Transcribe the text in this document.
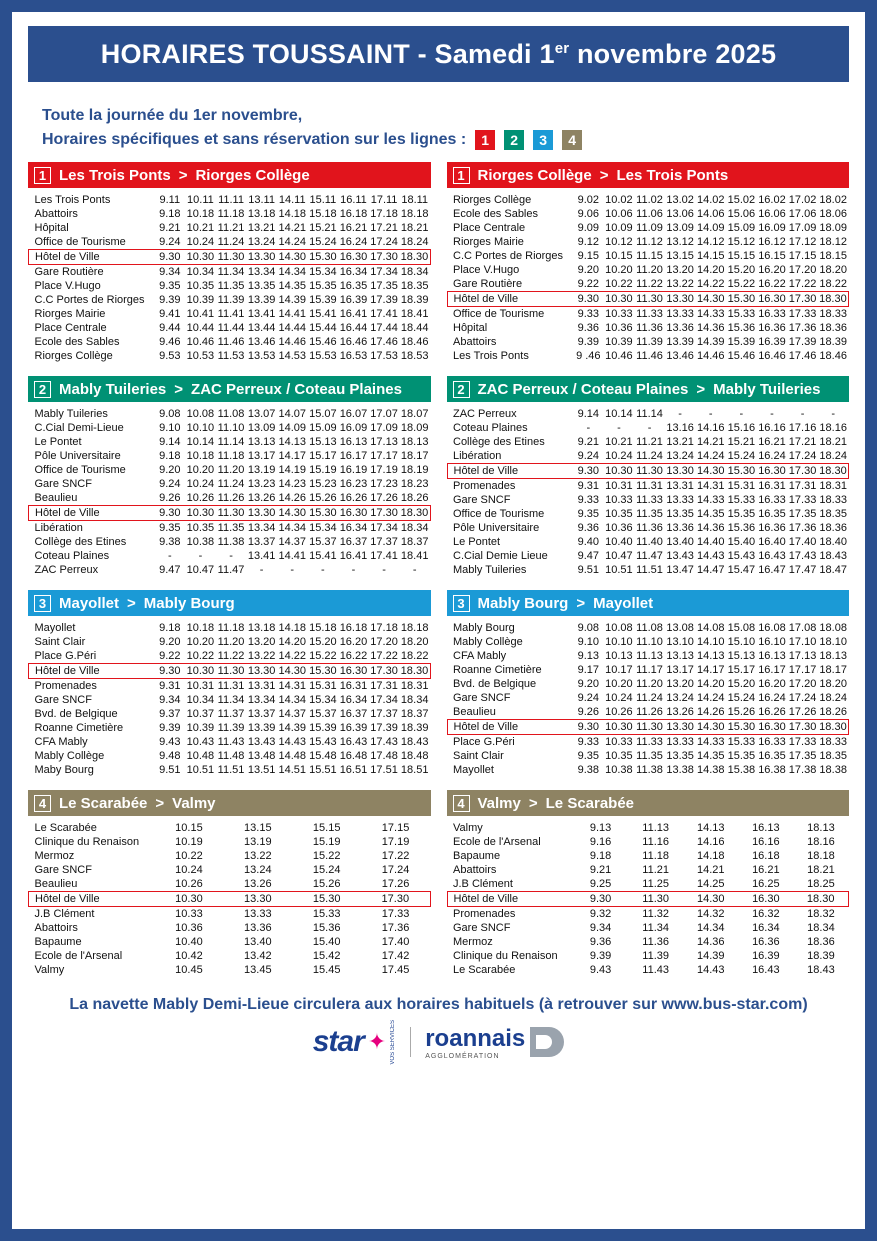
HORAIRES TOUSSAINT - Samedi 1er novembre 2025
Toute la journée du 1er novembre,
Horaires spécifiques et sans réservation sur les lignes :	1	2	3	4
1 Les Trois Ponts > Riorges Collège
Les Trois Ponts	9.11	10.11	11.11	13.11	14.11	15.11	16.11	17.11	18.11
Abattoirs	9.18	10.18	11.18	13.18	14.18	15.18	16.18	17.18	18.18
Hôpital	9.21	10.21	11.21	13.21	14.21	15.21	16.21	17.21	18.21
Office de Tourisme	9.24	10.24	11.24	13.24	14.24	15.24	16.24	17.24	18.24
Hôtel de Ville	9.30	10.30	11.30	13.30	14.30	15.30	16.30	17.30	18.30
Gare Routière	9.34	10.34	11.34	13.34	14.34	15.34	16.34	17.34	18.34
Place V.Hugo	9.35	10.35	11.35	13.35	14.35	15.35	16.35	17.35	18.35
C.C Portes de Riorges	9.39	10.39	11.39	13.39	14.39	15.39	16.39	17.39	18.39
Riorges Mairie	9.41	10.41	11.41	13.41	14.41	15.41	16.41	17.41	18.41
Place Centrale	9.44	10.44	11.44	13.44	14.44	15.44	16.44	17.44	18.44
Ecole des Sables	9.46	10.46	11.46	13.46	14.46	15.46	16.46	17.46	18.46
Riorges Collège	9.53	10.53	11.53	13.53	14.53	15.53	16.53	17.53	18.53
1 Riorges Collège > Les Trois Ponts
Riorges Collège	9.02	10.02	11.02	13.02	14.02	15.02	16.02	17.02	18.02
Ecole des Sables	9.06	10.06	11.06	13.06	14.06	15.06	16.06	17.06	18.06
Place Centrale	9.09	10.09	11.09	13.09	14.09	15.09	16.09	17.09	18.09
Riorges Mairie	9.12	10.12	11.12	13.12	14.12	15.12	16.12	17.12	18.12
C.C Portes de Riorges	9.15	10.15	11.15	13.15	14.15	15.15	16.15	17.15	18.15
Place V.Hugo	9.20	10.20	11.20	13.20	14.20	15.20	16.20	17.20	18.20
Gare Routière	9.22	10.22	11.22	13.22	14.22	15.22	16.22	17.22	18.22
Hôtel de Ville	9.30	10.30	11.30	13.30	14.30	15.30	16.30	17.30	18.30
Office de Tourisme	9.33	10.33	11.33	13.33	14.33	15.33	16.33	17.33	18.33
Hôpital	9.36	10.36	11.36	13.36	14.36	15.36	16.36	17.36	18.36
Abattoirs	9.39	10.39	11.39	13.39	14.39	15.39	16.39	17.39	18.39
Les Trois Ponts	9 .46	10.46	11.46	13.46	14.46	15.46	16.46	17.46	18.46
2 Mably Tuileries > ZAC Perreux / Coteau Plaines
Mably Tuileries	9.08	10.08	11.08	13.07	14.07	15.07	16.07	17.07	18.07
C.Cial Demi-Lieue	9.10	10.10	11.10	13.09	14.09	15.09	16.09	17.09	18.09
Le Pontet	9.14	10.14	11.14	13.13	14.13	15.13	16.13	17.13	18.13
Pôle Universitaire	9.18	10.18	11.18	13.17	14.17	15.17	16.17	17.17	18.17
Office de Tourisme	9.20	10.20	11.20	13.19	14.19	15.19	16.19	17.19	18.19
Gare SNCF	9.24	10.24	11.24	13.23	14.23	15.23	16.23	17.23	18.23
Beaulieu	9.26	10.26	11.26	13.26	14.26	15.26	16.26	17.26	18.26
Hôtel de Ville	9.30	10.30	11.30	13.30	14.30	15.30	16.30	17.30	18.30
Libération	9.35	10.35	11.35	13.34	14.34	15.34	16.34	17.34	18.34
Collège des Etines	9.38	10.38	11.38	13.37	14.37	15.37	16.37	17.37	18.37
Coteau Plaines	-	-	-	13.41	14.41	15.41	16.41	17.41	18.41
ZAC Perreux	9.47	10.47	11.47	-	-	-	-	-	-
2 ZAC Perreux / Coteau Plaines > Mably Tuileries
ZAC Perreux	9.14	10.14	11.14	-	-	-	-	-	-
Coteau Plaines	-	-	-	13.16	14.16	15.16	16.16	17.16	18.16
Collège des Etines	9.21	10.21	11.21	13.21	14.21	15.21	16.21	17.21	18.21
Libération	9.24	10.24	11.24	13.24	14.24	15.24	16.24	17.24	18.24
Hôtel de Ville	9.30	10.30	11.30	13.30	14.30	15.30	16.30	17.30	18.30
Promenades	9.31	10.31	11.31	13.31	14.31	15.31	16.31	17.31	18.31
Gare SNCF	9.33	10.33	11.33	13.33	14.33	15.33	16.33	17.33	18.33
Office de Tourisme	9.35	10.35	11.35	13.35	14.35	15.35	16.35	17.35	18.35
Pôle Universitaire	9.36	10.36	11.36	13.36	14.36	15.36	16.36	17.36	18.36
Le Pontet	9.40	10.40	11.40	13.40	14.40	15.40	16.40	17.40	18.40
C.Cial Demie Lieue	9.47	10.47	11.47	13.43	14.43	15.43	16.43	17.43	18.43
Mably Tuileries	9.51	10.51	11.51	13.47	14.47	15.47	16.47	17.47	18.47
3 Mayollet > Mably Bourg
Mayollet	9.18	10.18	11.18	13.18	14.18	15.18	16.18	17.18	18.18
Saint Clair	9.20	10.20	11.20	13.20	14.20	15.20	16.20	17.20	18.20
Place G.Péri	9.22	10.22	11.22	13.22	14.22	15.22	16.22	17.22	18.22
Hôtel de Ville	9.30	10.30	11.30	13.30	14.30	15.30	16.30	17.30	18.30
Promenades	9.31	10.31	11.31	13.31	14.31	15.31	16.31	17.31	18.31
Gare SNCF	9.34	10.34	11.34	13.34	14.34	15.34	16.34	17.34	18.34
Bvd. de Belgique	9.37	10.37	11.37	13.37	14.37	15.37	16.37	17.37	18.37
Roanne Cimetière	9.39	10.39	11.39	13.39	14.39	15.39	16.39	17.39	18.39
CFA Mably	9.43	10.43	11.43	13.43	14.43	15.43	16.43	17.43	18.43
Mably Collège	9.48	10.48	11.48	13.48	14.48	15.48	16.48	17.48	18.48
Maby Bourg	9.51	10.51	11.51	13.51	14.51	15.51	16.51	17.51	18.51
3 Mably Bourg > Mayollet
Mably Bourg	9.08	10.08	11.08	13.08	14.08	15.08	16.08	17.08	18.08
Mably Collège	9.10	10.10	11.10	13.10	14.10	15.10	16.10	17.10	18.10
CFA Mably	9.13	10.13	11.13	13.13	14.13	15.13	16.13	17.13	18.13
Roanne Cimetière	9.17	10.17	11.17	13.17	14.17	15.17	16.17	17.17	18.17
Bvd. de Belgique	9.20	10.20	11.20	13.20	14.20	15.20	16.20	17.20	18.20
Gare SNCF	9.24	10.24	11.24	13.24	14.24	15.24	16.24	17.24	18.24
Beaulieu	9.26	10.26	11.26	13.26	14.26	15.26	16.26	17.26	18.26
Hôtel de Ville	9.30	10.30	11.30	13.30	14.30	15.30	16.30	17.30	18.30
Place G.Péri	9.33	10.33	11.33	13.33	14.33	15.33	16.33	17.33	18.33
Saint Clair	9.35	10.35	11.35	13.35	14.35	15.35	16.35	17.35	18.35
Mayollet	9.38	10.38	11.38	13.38	14.38	15.38	16.38	17.38	18.38
4 Le Scarabée > Valmy
Le Scarabée	10.15	13.15	15.15	17.15
Clinique du Renaison	10.19	13.19	15.19	17.19
Mermoz	10.22	13.22	15.22	17.22
Gare SNCF	10.24	13.24	15.24	17.24
Beaulieu	10.26	13.26	15.26	17.26
Hôtel de Ville	10.30	13.30	15.30	17.30
J.B Clément	10.33	13.33	15.33	17.33
Abattoirs	10.36	13.36	15.36	17.36
Bapaume	10.40	13.40	15.40	17.40
Ecole de l'Arsenal	10.42	13.42	15.42	17.42
Valmy	10.45	13.45	15.45	17.45
4 Valmy > Le Scarabée
Valmy	9.13	11.13	14.13	16.13	18.13
Ecole de l'Arsenal	9.16	11.16	14.16	16.16	18.16
Bapaume	9.18	11.18	14.18	16.18	18.18
Abattoirs	9.21	11.21	14.21	16.21	18.21
J.B Clément	9.25	11.25	14.25	16.25	18.25
Hôtel de Ville	9.30	11.30	14.30	16.30	18.30
Promenades	9.32	11.32	14.32	16.32	18.32
Gare SNCF	9.34	11.34	14.34	16.34	18.34
Mermoz	9.36	11.36	14.36	16.36	18.36
Clinique du Renaison	9.39	11.39	14.39	16.39	18.39
Le Scarabée	9.43	11.43	14.43	16.43	18.43
La navette Mably Demi-Lieue circulera aux horaires habituels (à retrouver sur www.bus-star.com)
star ✦ VOS SERVICES roannais
AGGLOMÉRATION
